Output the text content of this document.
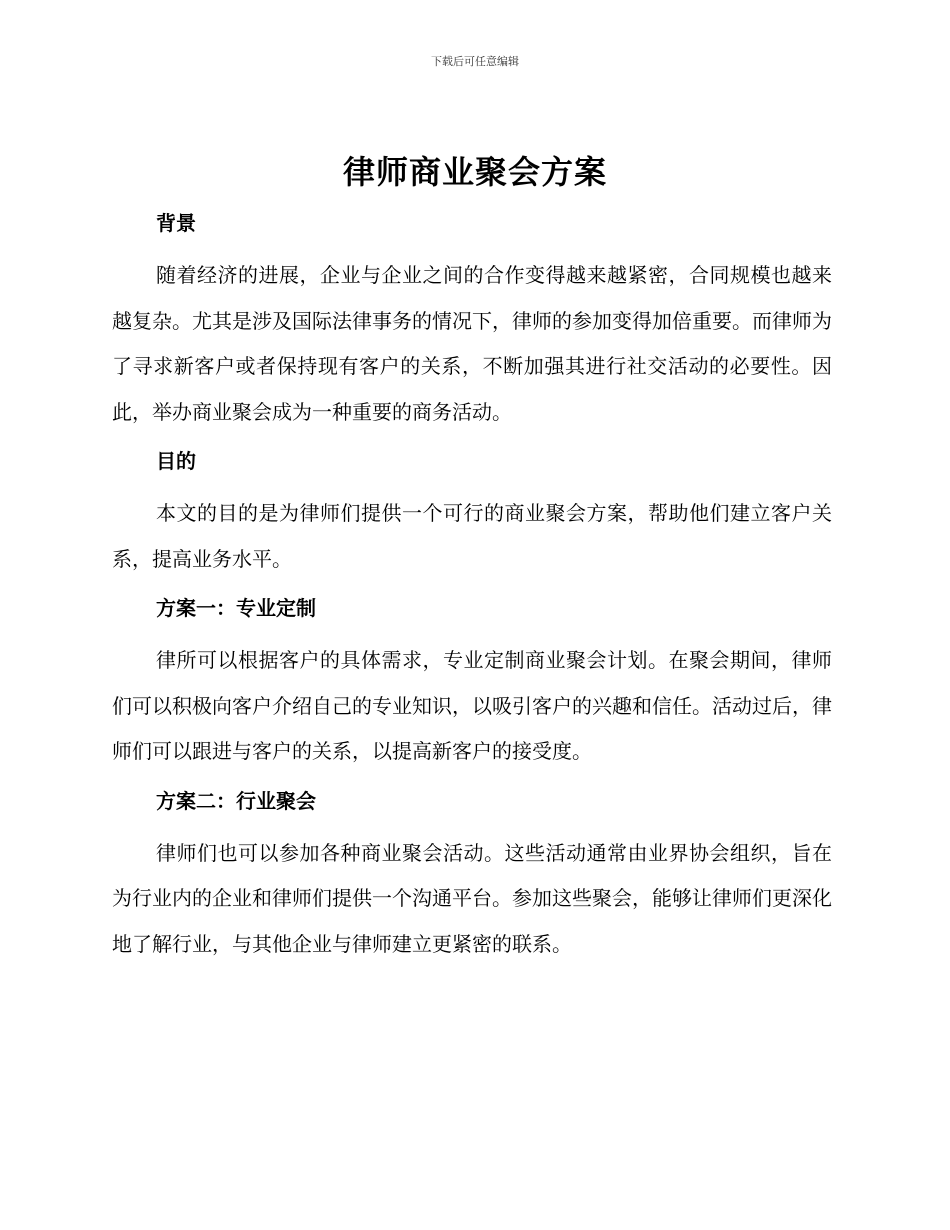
下载后可任意编辑
律师商业聚会方案

背景

随着经济的进展，企业与企业之间的合作变得越来越紧密，合同规模也越来越复杂。尤其是涉及国际法律事务的情况下，律师的参加变得加倍重要。而律师为了寻求新客户或者保持现有客户的关系，不断加强其进行社交活动的必要性。因此，举办商业聚会成为一种重要的商务活动。

目的

本文的目的是为律师们提供一个可行的商业聚会方案，帮助他们建立客户关系，提高业务水平。

方案一：专业定制

律所可以根据客户的具体需求，专业定制商业聚会计划。在聚会期间，律师们可以积极向客户介绍自己的专业知识，以吸引客户的兴趣和信任。活动过后，律师们可以跟进与客户的关系，以提高新客户的接受度。

方案二：行业聚会

律师们也可以参加各种商业聚会活动。这些活动通常由业界协会组织，旨在为行业内的企业和律师们提供一个沟通平台。参加这些聚会，能够让律师们更深化地了解行业，与其他企业与律师建立更紧密的联系。
